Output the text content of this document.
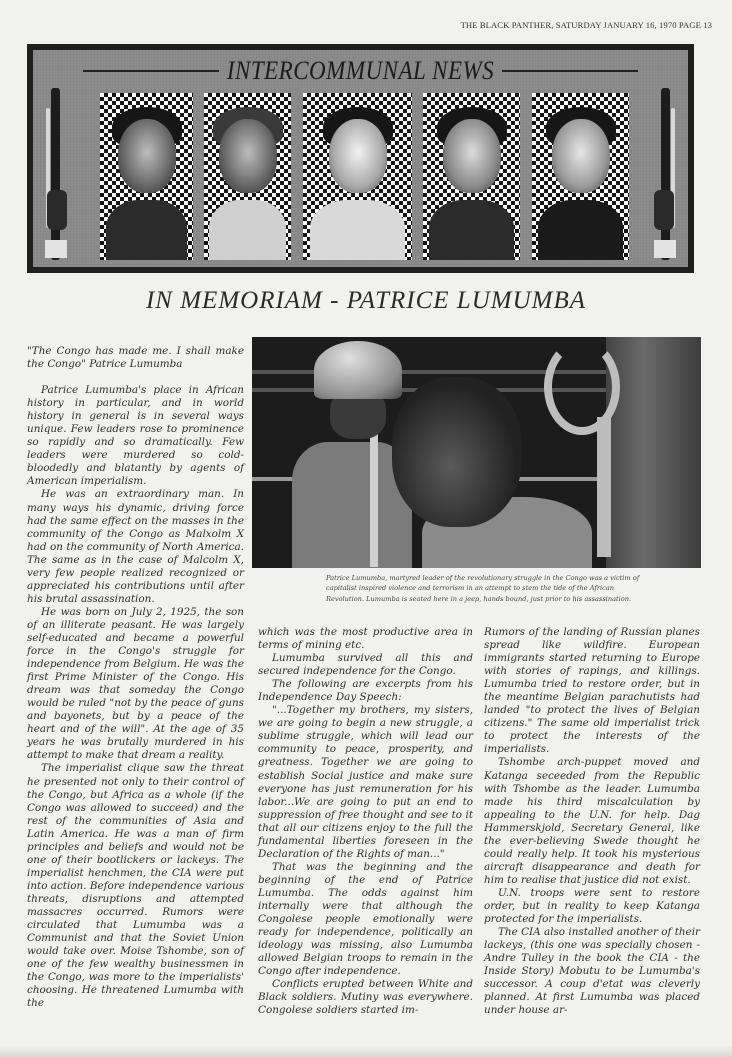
THE BLACK PANTHER, SATURDAY JANUARY 16, 1970 PAGE 13
INTERCOMMUNAL NEWS
IN MEMORIAM - PATRICE LUMUMBA
Patrice Lumumba, martyred leader of the revolutionary struggle in the Congo was a victim of capitalist inspired violence and terrorism in an attempt to stem the tide of the African Revolution. Lumumba is seated here in a jeep, hands bound, just prior to his assassination.

"The Congo has made me. I shall make the Congo" Patrice Lumumba

Patrice Lumumba's place in African history in particular, and in world history in general is in several ways unique. Few leaders rose to prominence so rapidly and so dramatically. Few leaders were murdered so cold-bloodedly and blatantly by agents of American imperialism.

He was an extraordinary man. In many ways his dynamic, driving force had the same effect on the masses in the community of the Congo as Malxolm X had on the community of North America. The same as in the case of Malcolm X, very few people realized recognized or appreciated his contributions until after his brutal assassination.

He was born on July 2, 1925, the son of an illiterate peasant. He was largely self-educated and became a powerful force in the Congo's struggle for independence from Belgium. He was the first Prime Minister of the Congo. His dream was that someday the Congo would be ruled "not by the peace of guns and bayonets, but by a peace of the heart and of the will". At the age of 35 years he was brutally murdered in his attempt to make that dream a reality.

The imperialist clique saw the threat he presented not only to their control of the Congo, but Africa as a whole (if the Congo was allowed to succeed) and the rest of the communities of Asia and Latin America. He was a man of firm principles and beliefs and would not be one of their bootlickers or lackeys. The imperialist henchmen, the CIA were put into action. Before independence various threats, disruptions and attempted massacres occurred. Rumors were circulated that Lumumba was a Communist and that the Soviet Union would take over. Moise Tshombe, son of one of the few wealthy businessmen in the Congo, was more to the imperialists' choosing. He threatened Lumumba with the

which was the most productive area in terms of mining etc.

Lumumba survived all this and secured independence for the Congo.

The following are excerpts from his Independence Day Speech:

"...Together my brothers, my sisters, we are going to begin a new struggle, a sublime struggle, which will lead our community to peace, prosperity, and greatness. Together we are going to establish Social justice and make sure everyone has just remuneration for his labor...We are going to put an end to suppression of free thought and see to it that all our citizens enjoy to the full the fundamental liberties foreseen in the Declaration of the Rights of man..."

That was the beginning and the beginning of the end of Patrice Lumumba. The odds against him internally were that although the Congolese people emotionally were ready for independence, politically an ideology was missing, also Lumumba allowed Belgian troops to remain in the Congo after independence.

Conflicts erupted between White and Black soldiers. Mutiny was everywhere. Congolese soldiers started im-

Rumors of the landing of Russian planes spread like wildfire. European immigrants started returning to Europe with stories of rapings, and killings. Lumumba tried to restore order, but in the meantime Belgian parachutists had landed "to protect the lives of Belgian citizens." The same old imperialist trick to protect the interests of the imperialists.

Tshombe arch-puppet moved and Katanga seceeded from the Republic with Tshombe as the leader. Lumumba made his third miscalculation by appealing to the U.N. for help. Dag Hammerskjold, Secretary General, like the ever-believing Swede thought he could really help. It took his mysterious aircraft disappearance and death for him to realise that justice did not exist.

U.N. troops were sent to restore order, but in reality to keep Katanga protected for the imperialists.

The CIA also installed another of their lackeys, (this one was specially chosen - Andre Tulley in the book the CIA - the Inside Story) Mobutu to be Lumumba's successor. A coup d'etat was cleverly planned. At first Lumumba was placed under house ar-
